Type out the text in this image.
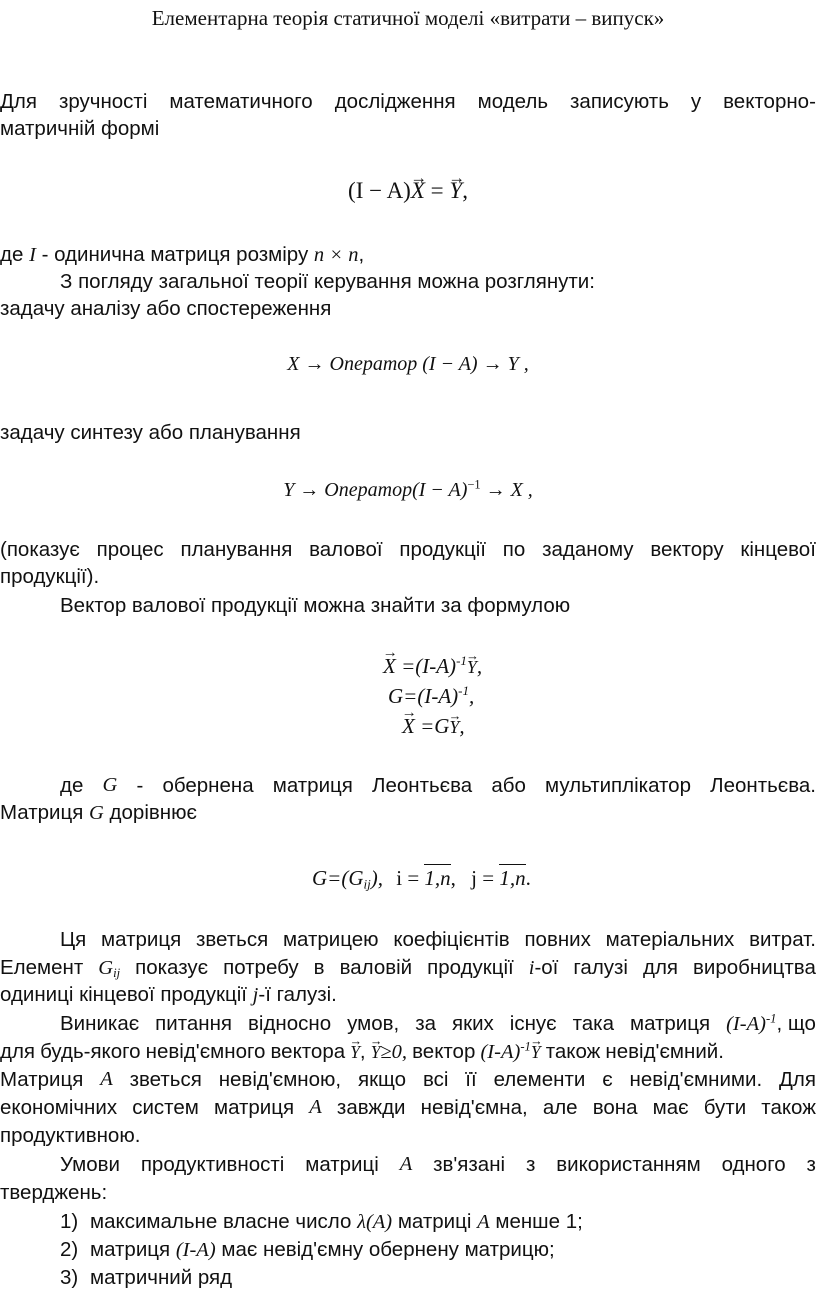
Елементарна теорія статичної моделі «витрати – випуск»
Для зручності математичного дослідження модель записують у векторно-
матричній формі
(I − A)→ X = → Y,
де I - одинична матриця розміру n × n,
З погляду загальної теорії керування можна розглянути:
задачу аналізу або спостереження
X → Оператор (I − A) → Y ,
задачу синтезу або планування
Y → Оператор(I − A)$^{-1}$ → X ,
(показує процес планування валової продукції по заданому вектору кінцевої
продукції).
Вектор валової продукції можна знайти за формулою
→ $X =(I-A)^{-1}\to Y$,
$G=(I-A)^{-1}$,
→ X =G→ Y,
де G - обернена матриця Леонтьєва або мультиплікатор Леонтьєва.
Матриця G дорівнює
$G=(G_{ij})$, i = 1,n, j = 1,n.
Ця матриця зветься матрицею коефіцієнтів повних матеріальних витрат.
Елемент $G_{ij}$ показує потребу в валовій продукції i-ої галузі для виробництва
одиниці кінцевої продукції j-ї галузі.
Виникає питання відносно умов, за яких існує така матриця $(I-A)^{-1}$, що
для будь-якого невід'ємного вектора → Y, → Y≥0, вектор $(I-A)^{-1}\to Y$ також невід'ємний.
Матриця A зветься невід'ємною, якщо всі її елементи є невід'ємними. Для
економічних систем матриця A завжди невід'ємна, але вона має бути також
продуктивною.
Умови продуктивності матриці A зв'язані з використанням одного з
тверджень:
1) максимальне власне число λ(A) матриці A менше 1;
2) матриця (I-A) має невід'ємну обернену матрицю;
3) матричний ряд
